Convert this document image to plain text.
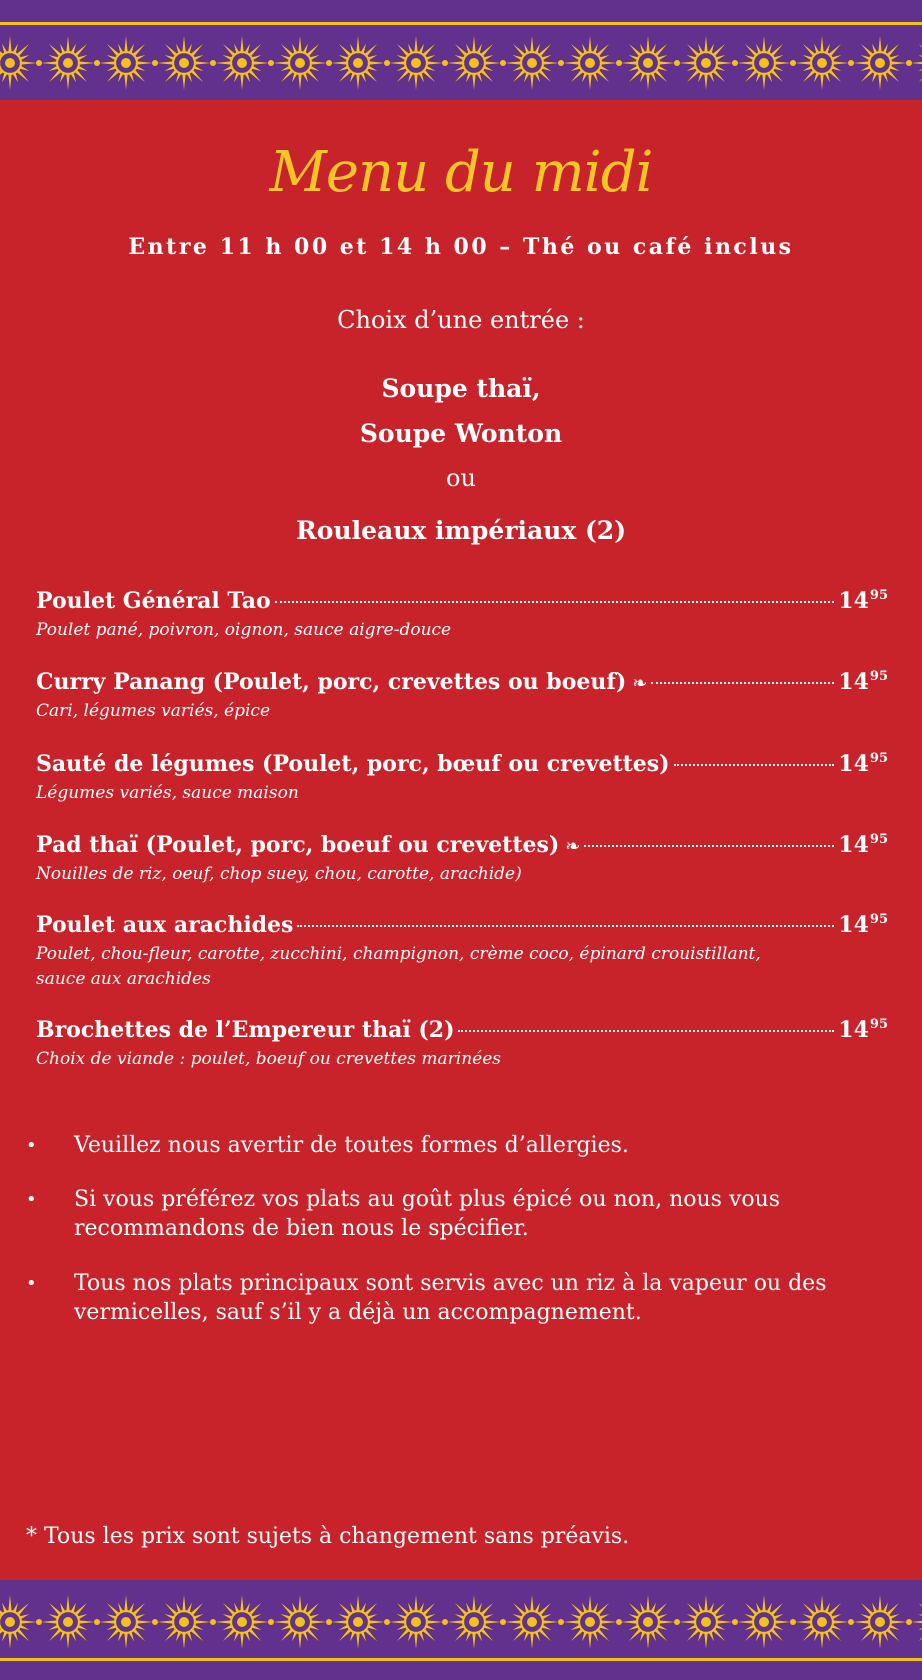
Menu du midi
Entre 11 h 00 et 14 h 00 – Thé ou café inclus
Choix d’une entrée :
Soupe thaï,
Soupe Wonton
ou
Rouleaux impériaux (2)
Poulet Général Tao	$14^{95}$
Poulet pané, poivron, oignon, sauce aigre-douce
Curry Panang (Poulet, porc, crevettes ou boeuf) ❧	$14^{95}$
Cari, légumes variés, épice
Sauté de légumes (Poulet, porc, bœuf ou crevettes)	$14^{95}$
Légumes variés, sauce maison
Pad thaï (Poulet, porc, boeuf ou crevettes) ❧	$14^{95}$
Nouilles de riz, oeuf, chop suey, chou, carotte, arachide)
Poulet aux arachides	$14^{95}$
Poulet, chou-fleur, carotte, zucchini, champignon, crème coco, épinard crouistillant,
sauce aux arachides
Brochettes de l’Empereur thaï (2)	$14^{95}$
Choix de viande : poulet, boeuf ou crevettes marinées
• Veuillez nous avertir de toutes formes d’allergies.
• Si vous préférez vos plats au goût plus épicé ou non, nous vous
recommandons de bien nous le spécifier.
• Tous nos plats principaux sont servis avec un riz à la vapeur ou des
vermicelles, sauf s’il y a déjà un accompagnement.
* Tous les prix sont sujets à changement sans préavis.
